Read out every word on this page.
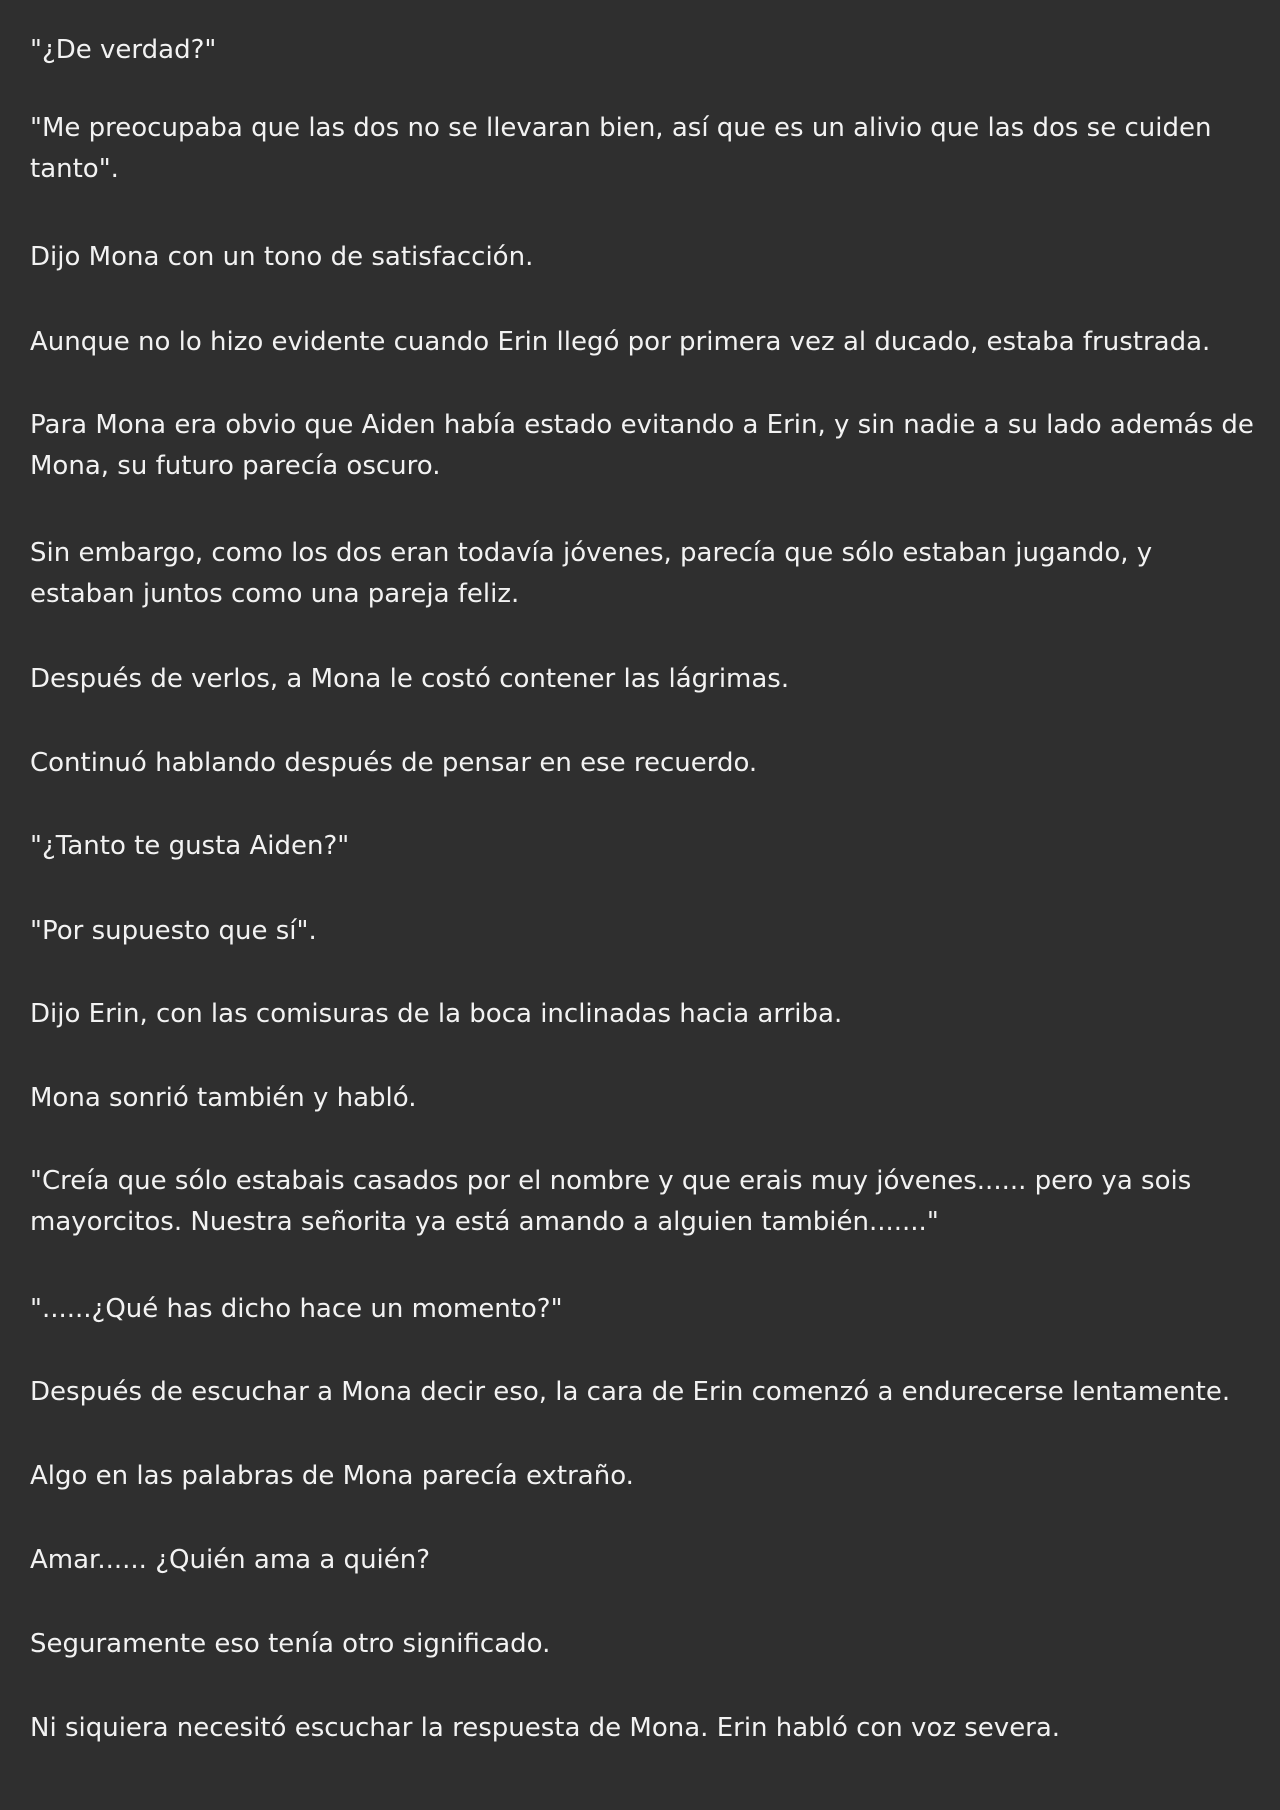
"¿De verdad?"

"Me preocupaba que las dos no se llevaran bien, así que es un alivio que las dos se cuiden tanto".

Dijo Mona con un tono de satisfacción.

Aunque no lo hizo evidente cuando Erin llegó por primera vez al ducado, estaba frustrada.

Para Mona era obvio que Aiden había estado evitando a Erin, y sin nadie a su lado además de Mona, su futuro parecía oscuro.

Sin embargo, como los dos eran todavía jóvenes, parecía que sólo estaban jugando, y estaban juntos como una pareja feliz.

Después de verlos, a Mona le costó contener las lágrimas.

Continuó hablando después de pensar en ese recuerdo.

"¿Tanto te gusta Aiden?"

"Por supuesto que sí".

Dijo Erin, con las comisuras de la boca inclinadas hacia arriba.

Mona sonrió también y habló.

"Creía que sólo estabais casados por el nombre y que erais muy jóvenes...... pero ya sois mayorcitos. Nuestra señorita ya está amando a alguien también......."

"......¿Qué has dicho hace un momento?"

Después de escuchar a Mona decir eso, la cara de Erin comenzó a endurecerse lentamente.

Algo en las palabras de Mona parecía extraño.

Amar...... ¿Quién ama a quién?

Seguramente eso tenía otro significado.

Ni siquiera necesitó escuchar la respuesta de Mona. Erin habló con voz severa.
